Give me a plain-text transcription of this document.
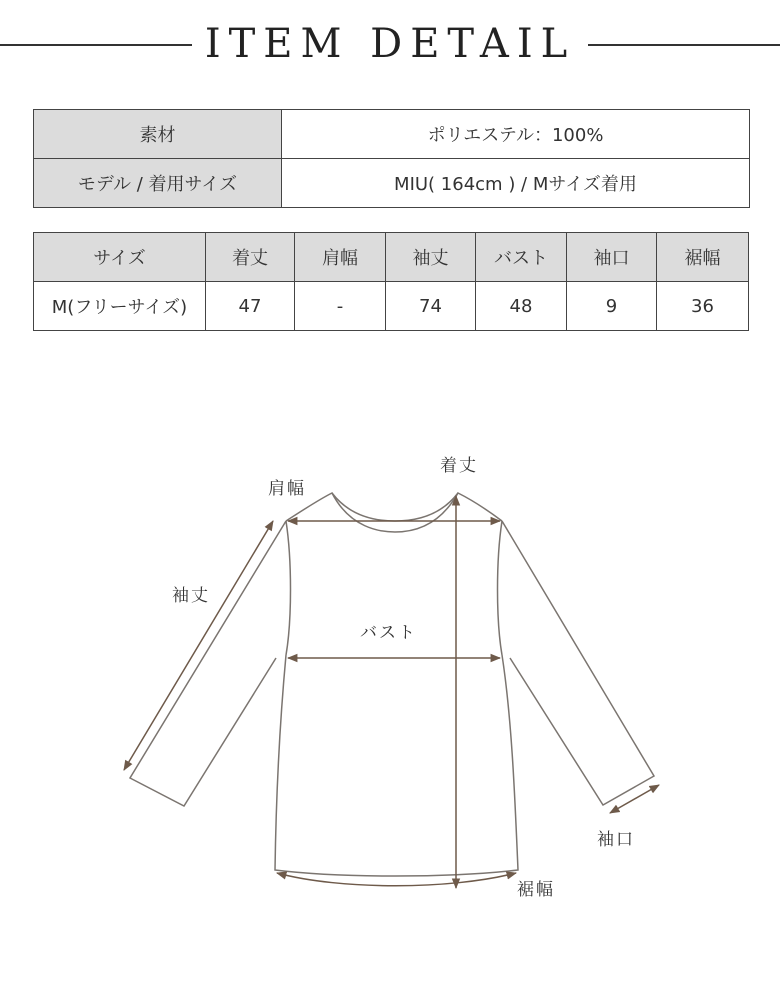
ITEM DETAIL
素材	ポリエステル：100%
モデル / 着用サイズ	MIU( 164cm ) / Mサイズ着用
サイズ	着丈	肩幅	袖丈	バスト	袖口	裾幅
M(フリーサイズ)	47	-	74	48	9	36
着丈
肩幅
袖丈
バスト
袖口
裾幅
